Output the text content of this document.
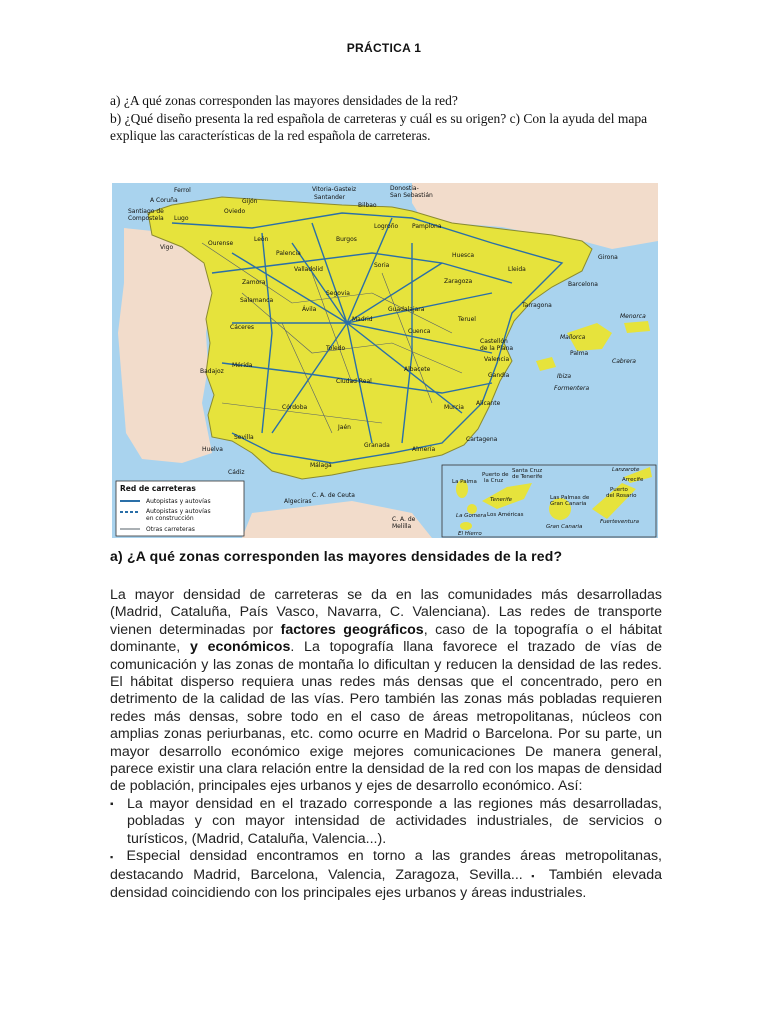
PRÁCTICA 1

a) ¿A qué zonas corresponden las mayores densidades de la red?

b) ¿Qué diseño presenta la red española de carreteras y cuál es su origen? c) Con la ayuda del mapa explique las características de la red española de carreteras.

Ferrol
A Coruña
Santiago de
Compostela Lugo
Gijón
Oviedo
Ourense
Vigo
León	Burgos
Santander
Bilbao
Vitoria-Gasteiz	Donostia-
San Sebastián
Pamplona
Logroño
Huesca
Lleida
Girona
Barcelona
Tarragona
Zaragoza
Soria
Valladolid
Palencia
Zamora
Salamanca
Segovia
Ávila
Madrid
Guadalajara
Toledo
Cuenca
Teruel
Castellón
de la Plana
Valencia
Albacete
Ciudad Real
Cáceres
Badajoz
Mérida
Córdoba
Jaén
Sevilla
Huelva
Cádiz
Málaga
Granada
Almería
Murcia
Cartagena
Alicante
Gandía
Algeciras
C. A. de Ceuta
C. A. de
Melilla
Mallorca
Menorca
Palma
Cabrera
Ibiza
Formentera
Red de carreteras
Autopistas y autovías
Autopistas y autovías
en construcción
Otras carreteras
La Palma
Puerto de
la Cruz
Santa Cruz
de Tenerife
Tenerife
La Gomera Los Américas
El Hierro
Las Palmas de
Gran Canaria
Gran Canaria
Lanzarote
Arrecife
Puerto
del Rosario
Fuerteventura
a) ¿A qué zonas corresponden las mayores densidades de la red?

La mayor densidad de carreteras se da en las comunidades más desarrolladas (Madrid, Cataluña, País Vasco, Navarra, C. Valenciana). Las redes de transporte vienen determinadas por factores geográficos, caso de la topografía o el hábitat dominante, y económicos. La topografía llana favorece el trazado de vías de comunicación y las zonas de montaña lo dificultan y reducen la densidad de las redes. El hábitat disperso requiera unas redes más densas que el concentrado, pero en detrimento de la calidad de las vías. Pero también las zonas más pobladas requieren redes más densas, sobre todo en el caso de áreas metropolitanas, núcleos con amplias zonas periurbanas, etc. como ocurre en Madrid o Barcelona. Por su parte, un mayor desarrollo económico exige mejores comunicaciones De manera general, parece existir una clara relación entre la densidad de la red con los mapas de densidad de población, principales ejes urbanos y ejes de desarrollo económico. Así:

▪ La mayor densidad en el trazado corresponde a las regiones más desarrolladas, pobladas y con mayor intensidad de actividades industriales, de servicios o turísticos, (Madrid, Cataluña, Valencia...).

▪ Especial densidad encontramos en torno a las grandes áreas metropolitanas, destacando Madrid, Barcelona, Valencia, Zaragoza, Sevilla... ▪ También elevada densidad coincidiendo con los principales ejes urbanos y áreas industriales.
